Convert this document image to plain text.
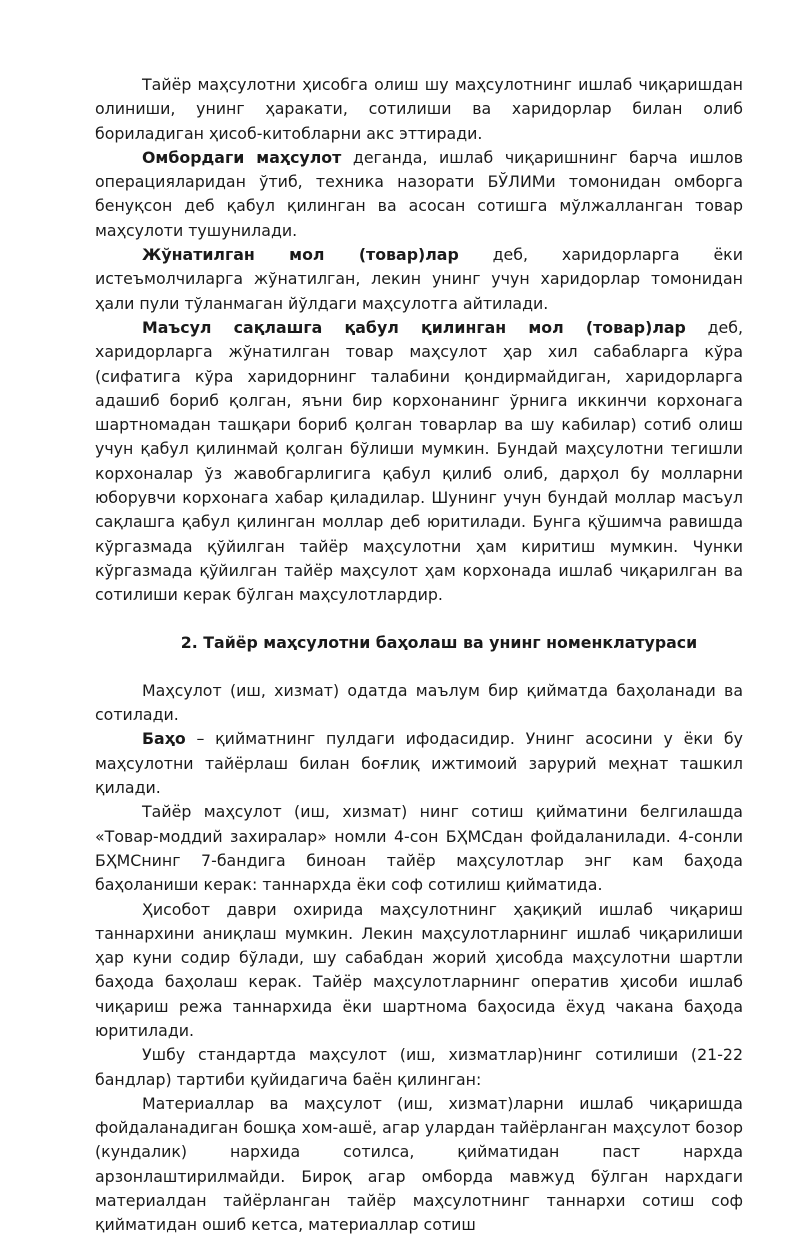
Тайёр маҳсулотни ҳисобга олиш шу маҳсулотнинг ишлаб чиқаришдан олиниши, унинг ҳаракати, сотилиши ва харидорлар билан олиб бориладиган ҳисоб-китобларни акс эттиради.

Омбордаги маҳсулот деганда, ишлаб чиқаришнинг барча ишлов операцияларидан ўтиб, техника назорати БЎЛИМи томонидан омборга бенуқсон деб қабул қилинган ва асосан сотишга мўлжалланган товар маҳсулоти тушунилади.

Жўнатилган мол (товар)лар деб, харидорларга ёки истеъмолчиларга жўнатилган, лекин унинг учун харидорлар томонидан ҳали пули тўланмаган йўлдаги маҳсулотга айтилади.

Маъсул сақлашга қабул қилинган мол (товар)лар деб, харидорларга жўнатилган товар маҳсулот ҳар хил сабабларга кўра (сифатига кўра харидорнинг талабини қондирмайдиган, харидорларга адашиб бориб қолган, яъни бир корхонанинг ўрнига иккинчи корхонага шартномадан ташқари бориб қолган товарлар ва шу кабилар) сотиб олиш учун қабул қилинмай қолган бўлиши мумкин. Бундай маҳсулотни тегишли корхоналар ўз жавобгарлигига қабул қилиб олиб, дарҳол бу молларни юборувчи корхонага хабар қиладилар. Шунинг учун бундай моллар масъул сақлашга қабул қилинган моллар деб юритилади. Бунга қўшимча равишда кўргазмада қўйилган тайёр маҳсулотни ҳам киритиш мумкин. Чунки кўргазмада қўйилган тайёр маҳсулот ҳам корхонада ишлаб чиқарилган ва сотилиши керак бўлган маҳсулотлардир.

2. Тайёр маҳсулотни баҳолаш ва унинг номенклатураси

Маҳсулот (иш, хизмат) одатда маълум бир қийматда баҳоланади ва сотилади.

Баҳо – қийматнинг пулдаги ифодасидир. Унинг асосини у ёки бу маҳсулотни тайёрлаш билан боғлиқ ижтимоий зарурий меҳнат ташкил қилади.

Тайёр маҳсулот (иш, хизмат) нинг сотиш қийматини белгилашда «Товар-моддий захиралар» номли 4-сон БҲМСдан фойдаланилади. 4-сонли БҲМСнинг 7-бандига биноан тайёр маҳсулотлар энг кам баҳода баҳоланиши керак: таннархда ёки соф сотилиш қийматида.

Ҳисобот даври охирида маҳсулотнинг ҳақиқий ишлаб чиқариш таннархини аниқлаш мумкин. Лекин маҳсулотларнинг ишлаб чиқарилиши ҳар куни содир бўлади, шу сабабдан жорий ҳисобда маҳсулотни шартли баҳода баҳолаш керак. Тайёр маҳсулотларнинг оператив ҳисоби ишлаб чиқариш режа таннархида ёки шартнома баҳосида ёхуд чакана баҳода юритилади.

Ушбу стандартда маҳсулот (иш, хизматлар)нинг сотилиши (21-22 бандлар) тартиби қуйидагича баён қилинган:

Материаллар ва маҳсулот (иш, хизмат)ларни ишлаб чиқаришда фойдаланадиган бошқа хом-ашё, агар улардан тайёрланган маҳсулот бозор (кундалик) нархида сотилса, қийматидан паст нархда арзонлаштирилмайди. Бироқ агар омборда мавжуд бўлган нархдаги материалдан тайёрланган тайёр маҳсулотнинг таннархи сотиш соф қийматидан ошиб кетса, материаллар сотиш
